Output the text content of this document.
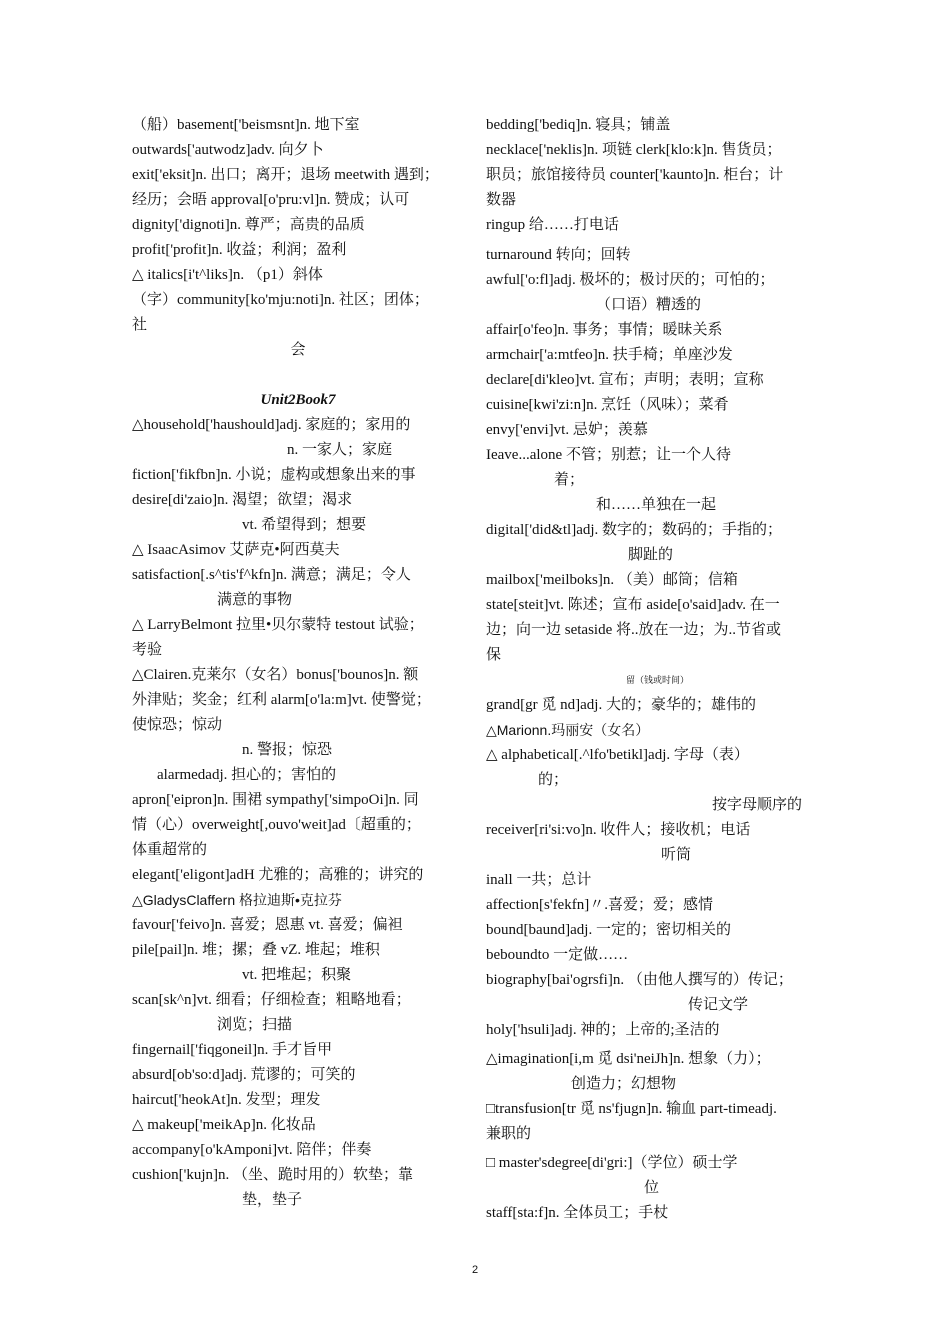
（船）basement['beismsnt]n. 地下室
outwards['autwodz]adv. 向夕卜
exit['eksit]n. 出口；离开；退场 meetwith 遇到；
经历；会晤 approval[o'pru:vl]n. 赞成；认可
dignity['dignoti]n. 尊严；高贵的品质
profit['profit]n. 收益；利润；盈利
△ italics[i't^liks]n. （p1）斜体
（字）community[ko'mju:noti]n. 社区；团体；
社
会
Unit2Book7
△household['haushould]adj. 家庭的；家用的
n. 一家人；家庭
fiction['fikfbn]n. 小说；虚构或想象出来的事
desire[di'zaio]n. 渴望；欲望；渴求
vt. 希望得到；想要
△ IsaacAsimov 艾萨克•阿西莫夫
satisfaction[.s^tis'f^kfn]n. 满意；满足；令人
满意的事物
△ LarryBelmont 拉里•贝尔蒙特 testout 试验；
考验
△Clairen.克莱尔（女名）bonus['bounos]n. 额
外津贴；奖金；红利 alarm[o'la:m]vt. 使警觉；
使惊恐；惊动
n. 警报；惊恐
alarmedadj. 担心的；害怕的
apron['eipron]n. 围裙 sympathy['simpoOi]n. 同
情（心）overweight[,ouvo'weit]ad〔超重的；
体重超常的
elegant['eligont]adH 尤雅的；高雅的；讲究的
△GladysClaffern 格拉迪斯•克拉芬
favour['feivo]n. 喜爱；恩惠 vt. 喜爱；偏袒
pile[pail]n. 堆；摞；叠 vZ. 堆起；堆积
vt. 把堆起；积聚
scan[sk^n]vt. 细看；仔细检查；粗略地看；
浏览；扫描
fingernail['fiqgoneil]n. 手才旨甲
absurd[ob'so:d]adj. 荒谬的；可笑的
haircut['heokAt]n. 发型；理发
△ makeup['meikAp]n. 化妆品
accompany[o'kAmponi]vt. 陪伴；伴奏
cushion['kujn]n. （坐、跪时用的）软垫；靠
垫，垫子
bedding['bediq]n. 寝具；铺盖
necklace['neklis]n. 项链 clerk[klo:k]n. 售货员；
职员；旅馆接待员 counter['kaunto]n. 柜台；计
数器
ringup 给……打电话
turnaround 转向；回转
awful['o:fl]adj. 极坏的；极讨厌的；可怕的；
（口语）糟透的
affair[o'feo]n. 事务；事情；暖昧关系
armchair['a:mtfeo]n. 扶手椅；单座沙发
declare[di'kleo]vt. 宣布；声明；表明；宣称
cuisine[kwi'zi:n]n. 烹饪（风味）；菜肴
envy['envi]vt. 忌妒；羡慕
Ieave...alone 不管；别惹；让一个人待
着；
和……单独在一起
digital['did&tl]adj. 数字的；数码的；手指的；
脚趾的
mailbox['meilboks]n. （美）邮筒；信箱
state[steit]vt. 陈述；宣布 aside[o'said]adv. 在一
边；向一边 setaside 将..放在一边；为..节省或
保
留（钱或时间）
grand[gr 觅 nd]adj. 大的；豪华的；雄伟的
△Marionn.玛丽安（女名）
△ alphabetical[.^lfo'betikl]adj. 字母（表）
的；
按字母顺序的
receiver[ri'si:vo]n. 收件人；接收机；电话
听筒
inall 一共；总计
affection[s'fekfn]〃.喜爱；爱；感情
bound[baund]adj. 一定的；密切相关的
beboundto 一定做……
biography[bai'ogrsfi]n. （由他人撰写的）传记；
传记文学
holy['hsuli]adj. 神的；上帝的;圣洁的
△imagination[i,m 觅 dsi'neiJh]n. 想象（力）；
创造力；幻想物
□transfusion[tr 觅 ns'fjugn]n. 输血 part-timeadj.
兼职的
□ master'sdegree[di'gri:]（学位）硕士学
位
staff[sta:f]n. 全体员工；手杖
2
